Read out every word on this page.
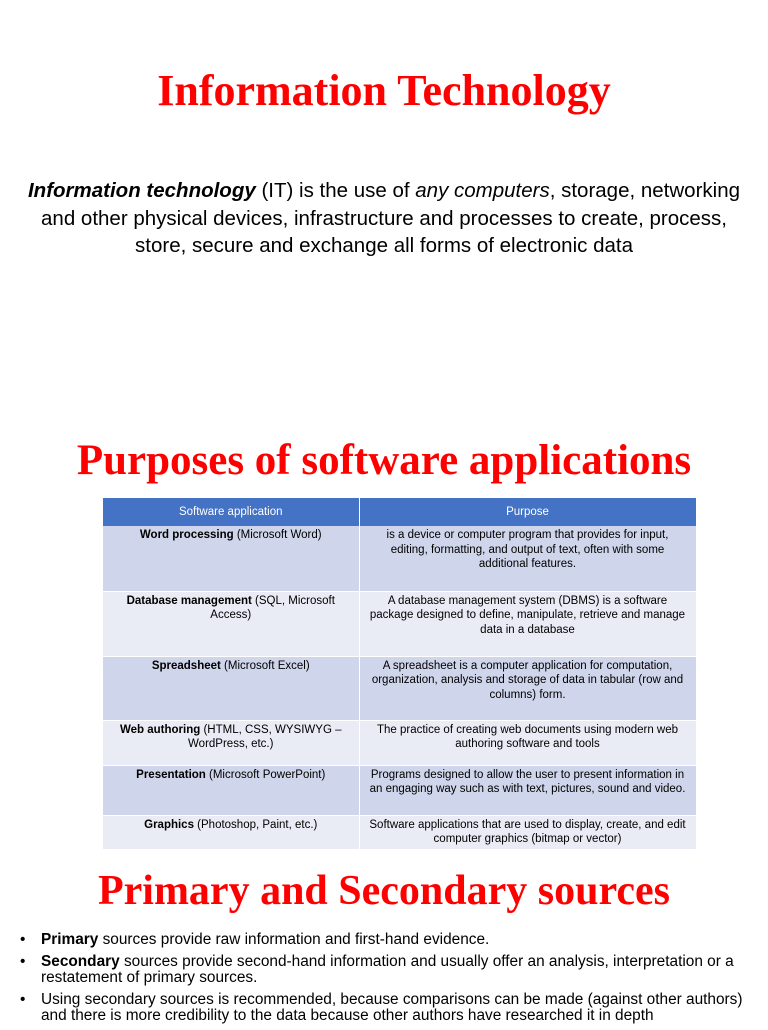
Information Technology

Information technology (IT) is the use of any computers, storage, networking and other physical devices, infrastructure and processes to create, process, store, secure and exchange all forms of electronic data

Purposes of software applications
Software application	Purpose
Word processing (Microsoft Word)	is a device or computer program that provides for input, editing, formatting, and output of text, often with some additional features.
Database management (SQL, Microsoft Access)	A database management system (DBMS) is a software package designed to define, manipulate, retrieve and manage data in a database
Spreadsheet (Microsoft Excel)	A spreadsheet is a computer application for computation, organization, analysis and storage of data in tabular (row and columns) form.
Web authoring (HTML, CSS, WYSIWYG – WordPress, etc.)	The practice of creating web documents using modern web authoring software and tools
Presentation (Microsoft PowerPoint)	Programs designed to allow the user to present information in an engaging way such as with text, pictures, sound and video.
Graphics (Photoshop, Paint, etc.)	Software applications that are used to display, create, and edit computer graphics (bitmap or vector)
Primary and Secondary sources
• Primary sources provide raw information and first-hand evidence.
• Secondary sources provide second-hand information and usually offer an analysis, interpretation or a restatement of primary sources.
• Using secondary sources is recommended, because comparisons can be made (against other authors) and there is more credibility to the data because other authors have researched it in depth
